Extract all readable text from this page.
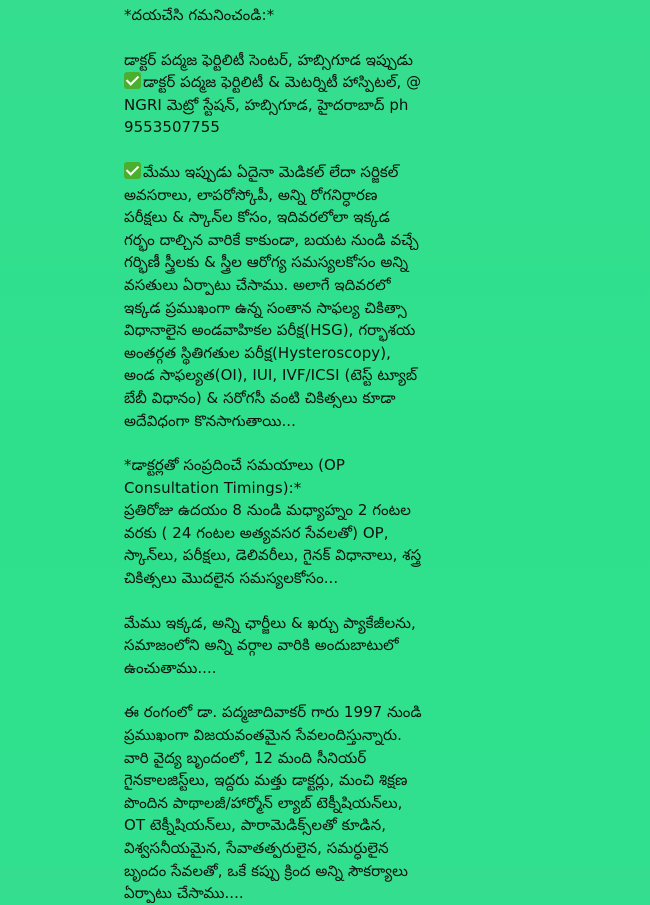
*దయచేసి గమనించండి:*
డాక్టర్ పద్మజ ఫెర్టిలిటీ సెంటర్, హబ్సిగూడ ఇప్పుడు
డాక్టర్ పద్మజ ఫెర్టిలిటీ & మెటర్నిటీ హాస్పిటల్, @
NGRI మెట్రో స్టేషన్, హబ్సిగూడ, హైదరాబాద్ ph
9553507755
మేము ఇప్పుడు ఏదైనా మెడికల్ లేదా సర్జికల్
అవసరాలు, లాపరోస్కోపీ, అన్ని రోగనిర్ధారణ
పరీక్షలు & స్కాన్‌ల కోసం, ఇదివరలోలా ఇక్కడ
గర్భం దాల్చిన వారికే కాకుండా, బయట నుండి వచ్చే
గర్భిణీ స్త్రీలకు & స్త్రీల ఆరోగ్య సమస్యలకోసం అన్ని
వసతులు ఏర్పాటు చేసాము. అలాగే ఇదివరలో
ఇక్కడ ప్రముఖంగా ఉన్న సంతాన సాఫల్య చికిత్సా
విధానాలైన అండవాహికల పరీక్ష(HSG), గర్భాశయ
అంతర్గత స్థితిగతుల పరీక్ష(Hysteroscopy),
అండ సాఫల్యత(OI), IUI, IVF/ICSI (టెస్ట్ ట్యూబ్
బేబీ విధానం) & సరోగసీ వంటి చికిత్సలు కూడా
అదేవిధంగా కొనసాగుతాయి...
*డాక్టర్లతో సంప్రదించే సమయాలు (OP
Consultation Timings):*
ప్రతిరోజు ఉదయం 8 నుండి మధ్యాహ్నం 2 గంటల
వరకు ( 24 గంటల అత్యవసర సేవలతో) OP,
స్కాన్‌లు, పరీక్షలు, డెలివరీలు, గైనక్ విధానాలు, శస్త్ర
చికిత్సలు మొదలైన సమస్యలకోసం...
మేము ఇక్కడ, అన్ని ఛార్జీలు & ఖర్చు ప్యాకేజీలను,
సమాజంలోని అన్ని వర్గాల వారికి అందుబాటులో
ఉంచుతాము....
ఈ రంగంలో డా. పద్మజాదివాకర్ గారు 1997 నుండి
ప్రముఖంగా విజయవంతమైన సేవలందిస్తున్నారు.
వారి వైద్య బృందంలో, 12 మంది సీనియర్
గైనకాలజిస్ట్‌లు, ఇద్దరు మత్తు డాక్టర్లు, మంచి శిక్షణ
పొందిన పాథాలజీ/హార్మోన్ ల్యాబ్ టెక్నీషియన్‌లు,
OT టెక్నీషియన్‌లు, పారామెడిక్స్‌లతో కూడిన,
విశ్వసనీయమైన, సేవాతత్పరులైన, సమర్ధులైన
బృందం సేవలతో, ఒకే కప్పు క్రింద అన్ని సౌకర్యాలు
ఏర్పాటు చేసాము....
